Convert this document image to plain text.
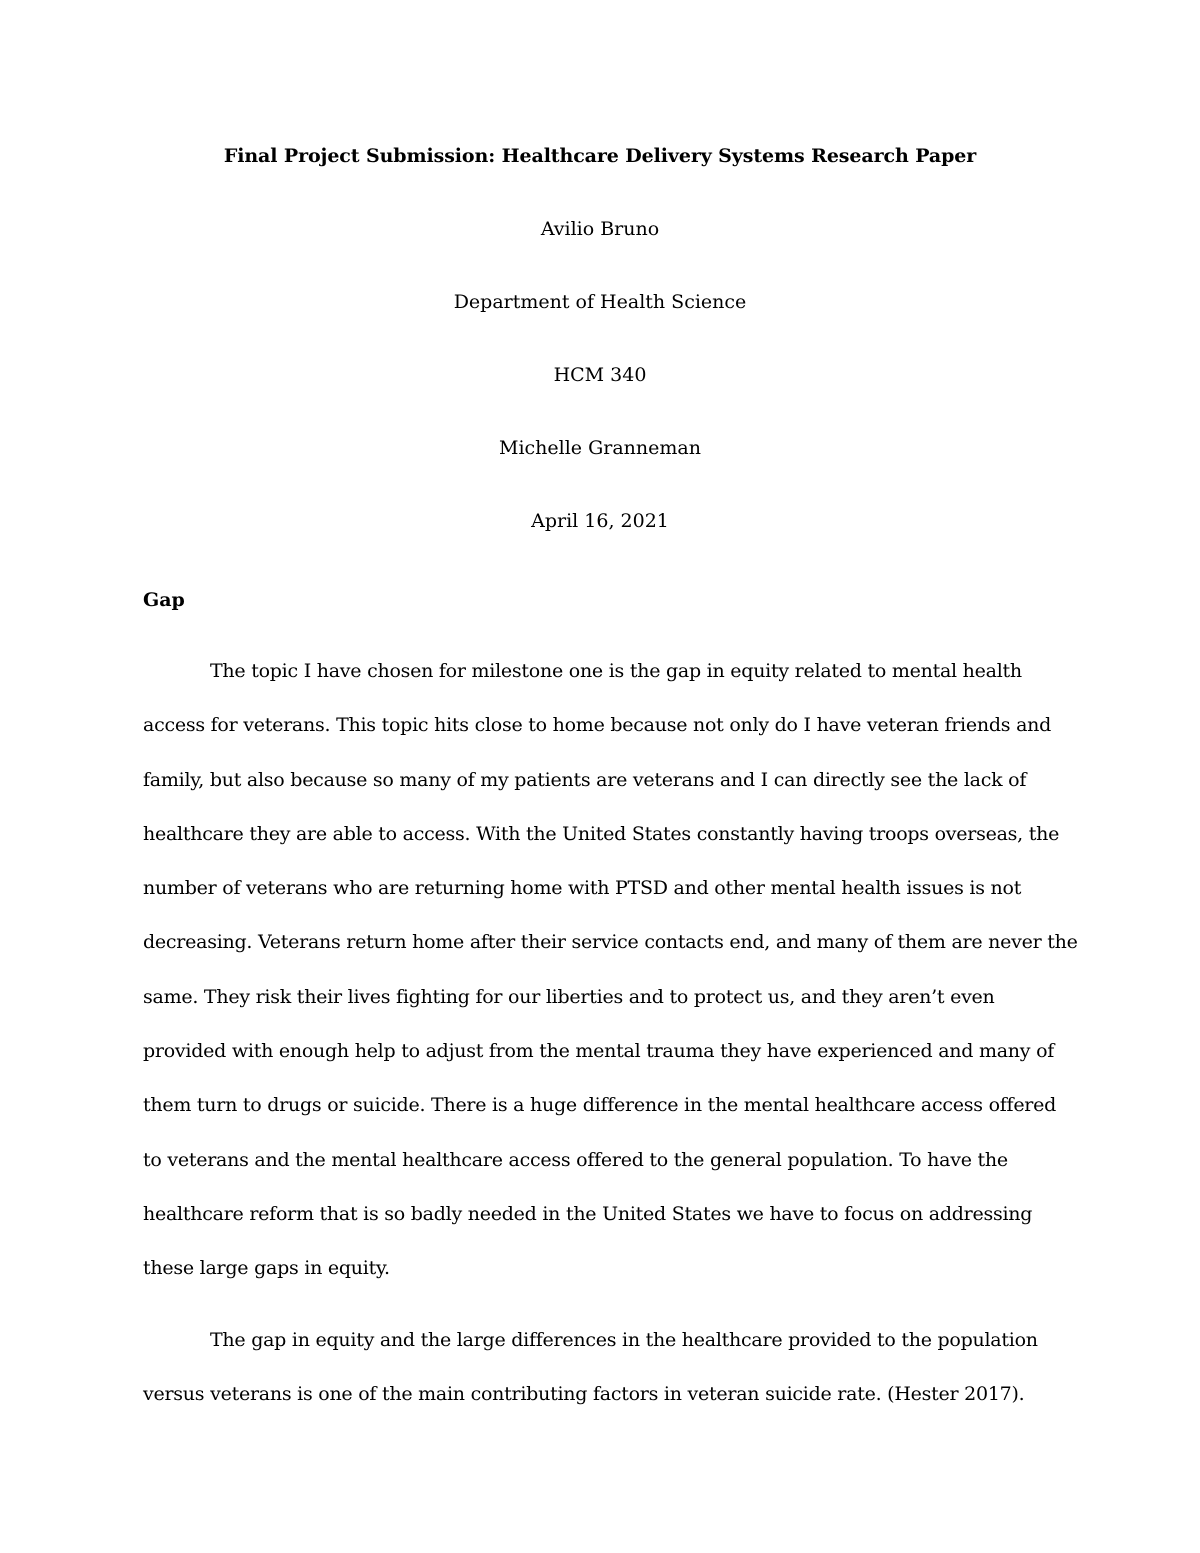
Final Project Submission: Healthcare Delivery Systems Research Paper
Avilio Bruno
Department of Health Science
HCM 340
Michelle Granneman
April 16, 2021
Gap
The topic I have chosen for milestone one is the gap in equity related to mental health
access for veterans. This topic hits close to home because not only do I have veteran friends and
family, but also because so many of my patients are veterans and I can directly see the lack of
healthcare they are able to access. With the United States constantly having troops overseas, the
number of veterans who are returning home with PTSD and other mental health issues is not
decreasing. Veterans return home after their service contacts end, and many of them are never the
same. They risk their lives fighting for our liberties and to protect us, and they aren’t even
provided with enough help to adjust from the mental trauma they have experienced and many of
them turn to drugs or suicide. There is a huge difference in the mental healthcare access offered
to veterans and the mental healthcare access offered to the general population. To have the
healthcare reform that is so badly needed in the United States we have to focus on addressing
these large gaps in equity.
The gap in equity and the large differences in the healthcare provided to the population
versus veterans is one of the main contributing factors in veteran suicide rate. (Hester 2017).
